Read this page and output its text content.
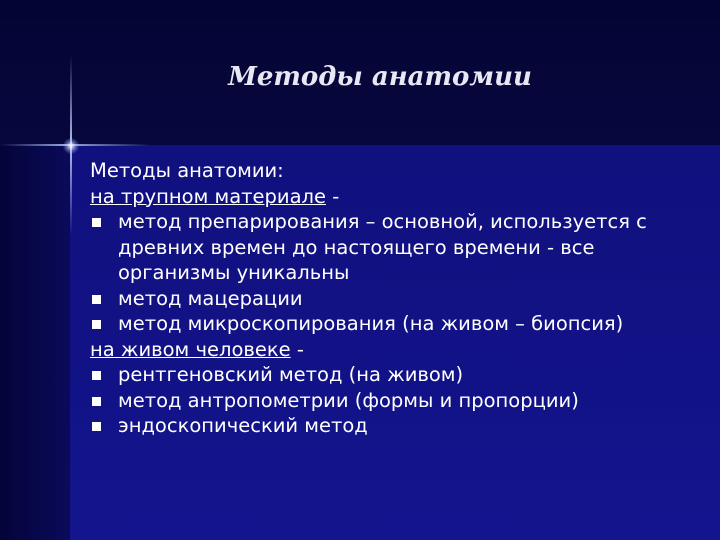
Методы анатомии
Методы анатомии:
на трупном материале -
метод препарирования – основной, используется с древних времен до настоящего времени - все организмы уникальны
метод мацерации
метод микроскопирования (на живом – биопсия)
на живом человеке -
рентгеновский метод (на живом)
метод антропометрии (формы и пропорции)
эндоскопический метод
